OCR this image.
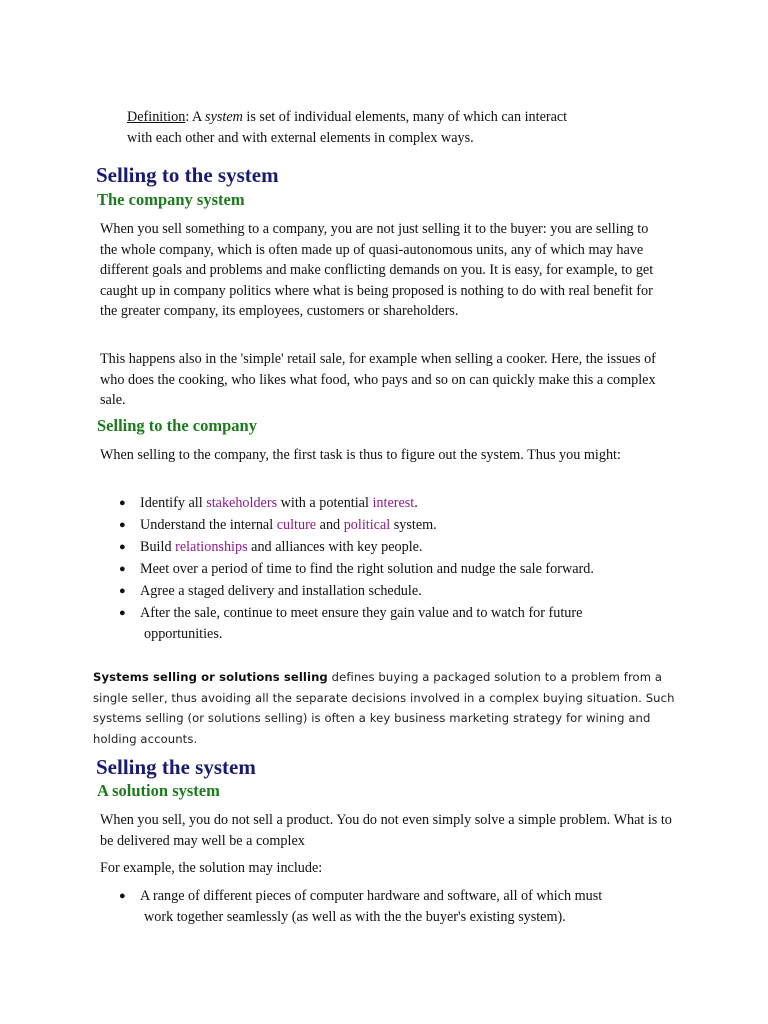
Definition: A system is set of individual elements, many of which can interact

with each other and with external elements in complex ways.

Selling to the system
The company system

When you sell something to a company, you are not just selling it to the buyer: you are selling to the whole company, which is often made up of quasi-autonomous units, any of which may have different goals and problems and make conflicting demands on you. It is easy, for example, to get caught up in company politics where what is being proposed is nothing to do with real benefit for the greater company, its employees, customers or shareholders.

This happens also in the 'simple' retail sale, for example when selling a cooker. Here, the issues of who does the cooking, who likes what food, who pays and so on can quickly make this a complex sale.

Selling to the company

When selling to the company, the first task is thus to figure out the system. Thus you might:

● Identify all stakeholders with a potential interest.
● Understand the internal culture and political system.
● Build relationships and alliances with key people.
● Meet over a period of time to find the right solution and nudge the sale forward.
● Agree a staged delivery and installation schedule.
● After the sale, continue to meet ensure they gain value and to watch for future
opportunities.

Systems selling or solutions selling defines buying a packaged solution to a problem from a single seller, thus avoiding all the separate decisions involved in a complex buying situation. Such systems selling (or solutions selling) is often a key business marketing strategy for wining and holding accounts.

Selling the system
A solution system

When you sell, you do not sell a product. You do not even simply solve a simple problem. What is to be delivered may well be a complex

For example, the solution may include:

● A range of different pieces of computer hardware and software, all of which must
work together seamlessly (as well as with the the buyer's existing system).
